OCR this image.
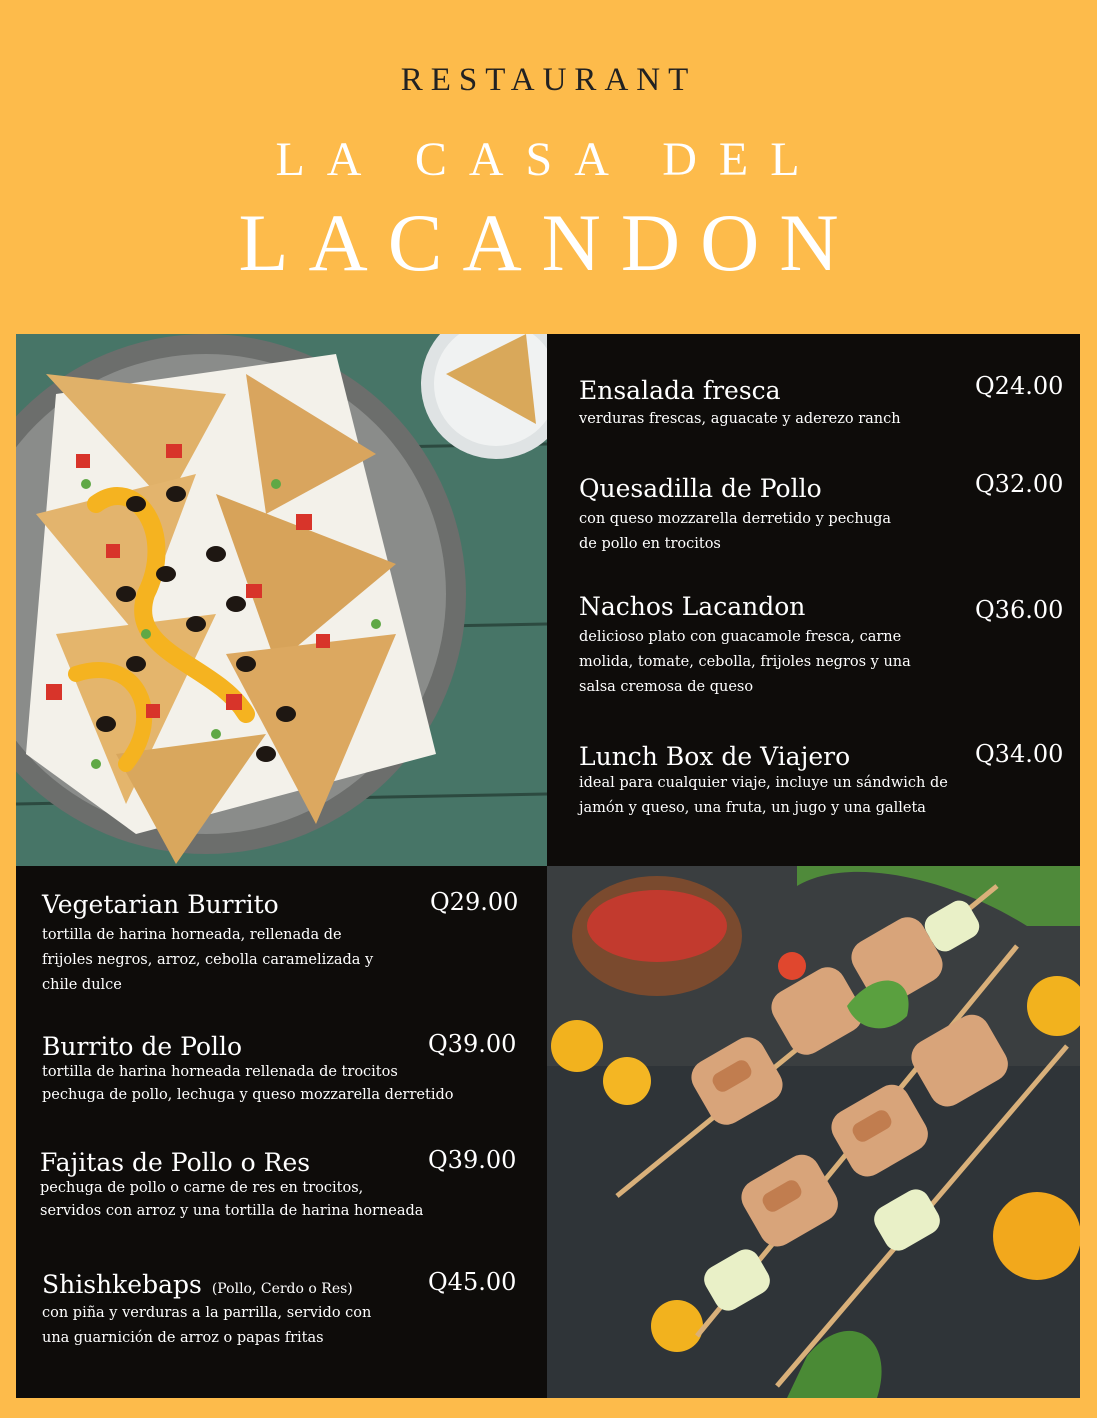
RESTAURANT
LA CASA DEL
LACANDON
Ensalada fresca
verduras frescas, aguacate y aderezo ranch
Q24.00
Quesadilla de Pollo
con queso mozzarella derretido y pechuga
de pollo en trocitos
Q32.00
Nachos Lacandon
delicioso plato con guacamole fresca, carne
molida, tomate, cebolla, frijoles negros y una
salsa cremosa de queso
Q36.00
Lunch Box de Viajero
ideal para cualquier viaje, incluye un sándwich de
jamón y queso, una fruta, un jugo y una galleta
Q34.00
Vegetarian Burrito
tortilla de harina horneada, rellenada de
frijoles negros, arroz, cebolla caramelizada y
chile dulce
Q29.00
Burrito de Pollo
tortilla de harina horneada rellenada de trocitos
pechuga de pollo, lechuga y queso mozzarella derretido
Q39.00
Fajitas de Pollo o Res
pechuga de pollo o carne de res en trocitos,
servidos con arroz y una tortilla de harina horneada
Q39.00
Shishkebaps (Pollo, Cerdo o Res)
con piña y verduras a la parrilla, servido con
una guarnición de arroz o papas fritas
Q45.00
